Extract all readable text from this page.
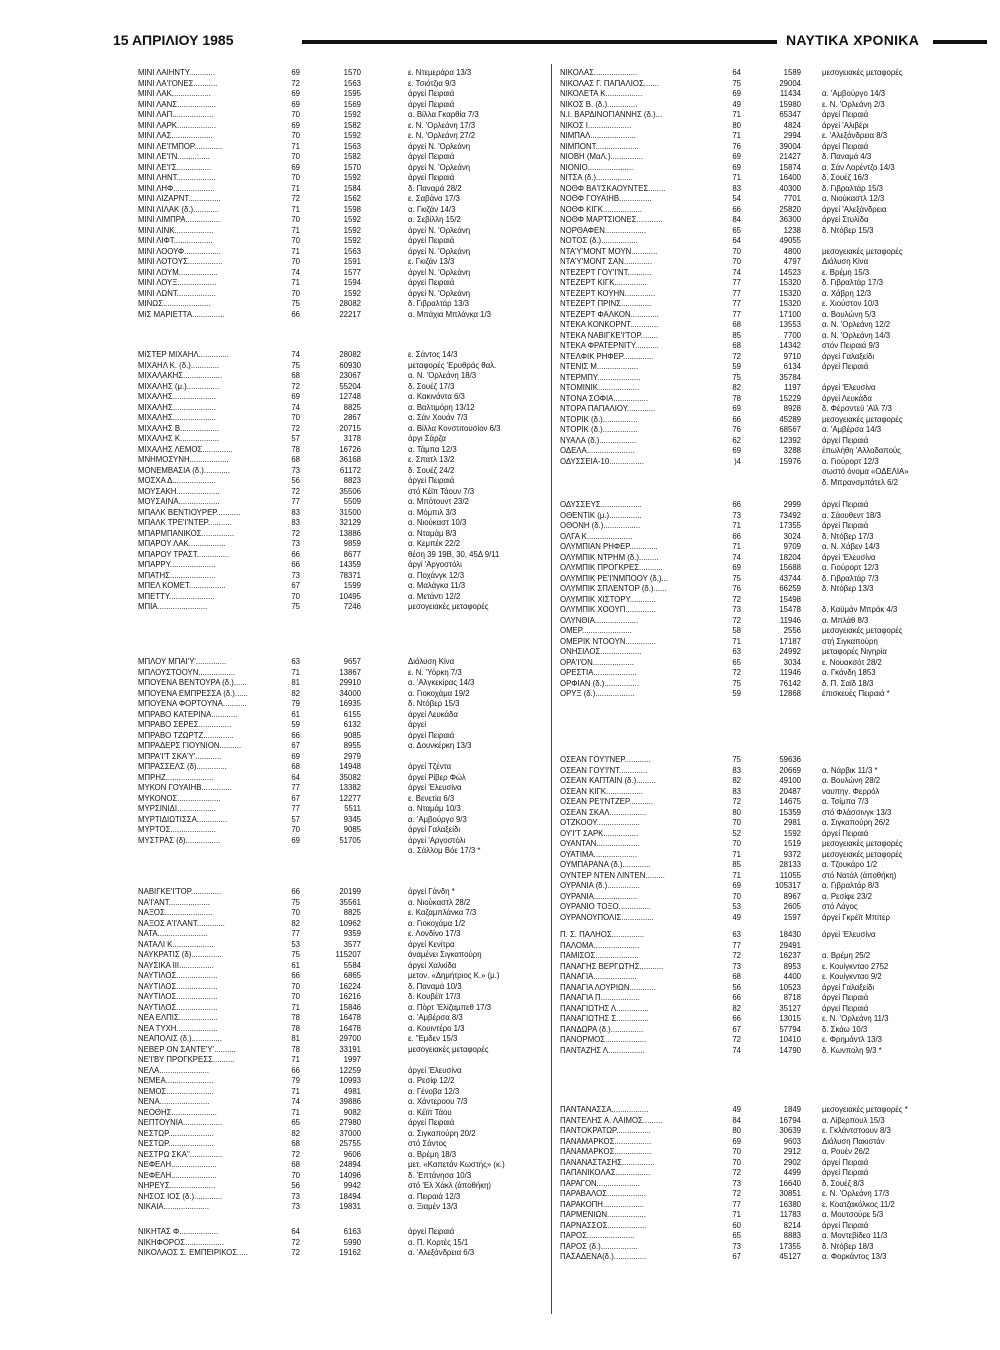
15 ΑΠΡΙΛΙΟΥ 1985	ΝΑΥΤΙΚΑ ΧΡΟΝΙΚΑ
ΜΙΝΙ ΛΑΙΗΝΤΥ............	69	1570	ε. Ντεμεράρα 13/3
ΜΙΝΙ ΛΑ'Ι'ΟΝΕΣ...........	72	1563	ε. Τσιότζια 9/3
ΜΙΝΙ ΛΑΚ..................	69	1595	άργεί Πειραιά
ΜΙΝΙ ΛΑΝΣ..................	69	1569	άργεί Πειραιά
ΜΙΝΙ ΛΑΠ...................	70	1592	α. Βίλλα Γκαρθία 7/3
ΜΙΝΙ ΛΑΡΚ..................	69	1582	ε. Ν. 'Ορλεάνη 17/3
ΜΙΝΙ ΛΑΣ...................	70	1592	ε. Ν. 'Ορλεάνη 27/2
ΜΙΝΙ ΛΕ'Ι'ΜΠΟΡ.............	71	1563	άργεί Ν. 'Ορλεάνη
ΜΙΝΙ ΛΕ'Ι'Ν.........:.....	70	1582	άργεί Πειραιά
ΜΙΝΙ ΛΕ'Ι'Σ................	69	1570	άργεί Ν. 'Ορλεάνη
ΜΙΝΙ ΛΗΝΤ..................	70	1592	άργεί Πειραιά
ΜΙΝΙ ΛΗΦ...................	71	1584	δ. Παναμά 28/2
ΜΙΝΙ ΛΙΖΑΡΝΤ...............	72	1562	ε. Σαβάνα 17/3
ΜΙΝΙ ΛΙΛΑΚ (δ.)............	71	1598	α. Γκιζάν 14/3
ΜΙΝΙ ΛΙΜΠΡΑ................	70	1592	α. Σεβίλλη 15/2
ΜΙΝΙ ΛΙΝΚ..................	71	1592	άργεί Ν. 'Ορλεάνη
ΜΙΝΙ ΛΙΦΤ..................	70	1592	άργεί Πειραιά
ΜΙΝΙ ΛΟΟΥΦ.................	71	1563	άργεί Ν. 'Ορλεάνη
ΜΙΝΙ ΛΟΤΟΥΣ................	70	1591	ε. Γκιζάν 13/3
ΜΙΝΙ ΛΟΥΜ..................	74	1577	άργεί Ν. 'Ορλεάνη
ΜΙΝΙ ΛΟΥΞ..................	71	1594	άργεί Πειραιά
ΜΙΝΙ ΛΩΝΤ..................	70	1592	άργεί Ν. 'Ορλεάνη
ΜΙΝΩΣ......................	75	28082	δ. Γιβραλτάρ 13/3
ΜΙΣ ΜΑΡΙΕΤΤΑ...............	66	22217	α. Μπάχια Μπλάνκα 1/3
ΜΙΣΤΕΡ ΜΙΧΑΗΛ..............	74	28082	ε. Σάντος 14/3
ΜΙΧΑΗΛ Κ. (δ.).............	75	60930	μεταφορές 'Ερυθράς θαλ.
ΜΙΧΑΛΑΚΗΣ..................	68	23067	α. Ν. 'Ορλεάνη 18/3
ΜΙΧΑΛΗΣ (μ.)...............	72	55204	δ. Σουέζ 17/3
ΜΙΧΑΛΗΣ....................	69	12748	α. Κακινάντα 6/3
ΜΙΧΑΛΗΣ....................	74	8825	α. Βαλτιμόρη 13/12
ΜΙΧΑΛΗΣ....................	70	2867	α. Σάν Χουάν 7/3
ΜΙΧΑΛΗΣ Β..................	72	20715	α. Βίλλα Κονστιτουσίον 6/3
ΜΙΧΑΛΗΣ Κ..................	57	3178	άργι Σάρζα
ΜΙΧΑΛΗΣ ΛΕΜΟΣ..............	78	16726	α. Τάμπα 12/3
ΜΝΗΜΟΣΥΝΗ..................	68	36168	ε. Σπατλ 13/2
ΜΟΝΕΜΒΑΣΙΑ (δ.)............	73	61172	δ. Σουέζ 24/2
ΜΟΣΧΑ Δ....................	56	8823	άργεί Πειραιά
ΜΟΥΣΑΚΗ....................	72	35506	στό Κέϊπ Τάουν 7/3
ΜΟΥΣΑΙΝΑ...................	77	5509	α. Μπότουντ 23/2
ΜΠΑΛΚ ΒΕΝΤΙΟΥΡΕΡ...........	83	31500	α. Μόμπιλ 3/3
ΜΠΑΛΚ ΤΡΕ'Ι'ΝΤΕΡ...........	83	32129	α. Νιούκαστ 10/3
ΜΠΑΡΜΠΑΝΙΚΟΣ...............	72	13886	α. Νταμάμ 8/3
ΜΠΑΡΟΥ ΛΑΚ.................	73	9859	α. Κεμπέκ 22/2
ΜΠΑΡΟΥ ΤΡΑΣΤ...............	66	8677	θέση 39 19Β, 30, 45Δ 9/11
ΜΠΑΡΡΥ.....................	66	14359	άργί 'Αργοστόλι
ΜΠΑΤΗΣ.....................	73	78371	α. Ποχάνγκ 12/3
ΜΠΕΛ ΚΟΜΕΤ.................	67	1599	α. Μαλάγκα 11/3
ΜΠΕΤΤΥ.....................	70	10495	α. Μετάντι 12/2
ΜΠΙΑ.......................	75	7246	μεσογειακές μεταφορές
ΜΠΛΟΥ ΜΠΑΙ'Υ'..............	63	9657	Διάλυση Κίνα
ΜΠΛΟΥΣΤΟΟΥΝ.................	71	13867	ε. Ν. 'Υόρκη 7/3
ΜΠΟΥΕΝΑ ΒΕΝΤΟΥΡΑ (δ.)......	81	29910	α. 'Αλγκεκίρας 14/3
ΜΠΟΥΕΝΑ ΕΜΠΡΕΣΣΑ (δ.)......	82	34000	α. Γιοκοχάμα 19/2
ΜΠΟΥΕΝΑ ΦΟΡΤΟΥΝΑ...........	79	16935	δ. Ντόβερ 15/3
ΜΠΡΑΒΟ ΚΑΤΕΡΙΝΑ............	61	6155	άργεί Λευκάδα
ΜΠΡΑΒΟ ΣΕΡΕΣ...............	59	6132	άργεί
ΜΠΡΑΒΟ ΤΖΩΡΤΖ..............	66	9085	άργεί Πειραιά
ΜΠΡΑΔΕΡΣ ΓΙΟΥΝΙΟΝ..........	67	8955	α. Δουνκέρκη 13/3
ΜΠΡΑ'Ι'Τ ΣΚΑ'Υ'............	69	2979
ΜΠΡΑΣΣΕΛΣ (δ)..............	68	14948	άργεί Τζέντα
ΜΠΡΗΖ......................	64	35082	άργεί Ρίβερ Φώλ
ΜΥΚΟΝ ΓΟΥΑΙΗΒ..............	77	13382	άργεί 'Ελευσίνα
ΜΥΚΟΝΟΣ....................	67	12277	ε. Βενετία 6/3
ΜΥΡΣΙΝΙΔΙ..................	77	5511	α. Νταμάμ 10/3
ΜΥΡΤΙΔΙΩΤΙΣΣΑ..............	57	9345	α. 'Αμβούργο 9/3
ΜΥΡΤΟΣ.....................	70	9085	άργεί Γαλαξείδι
ΜΥΣΤΡΑΣ (δ)................	69	51705	άργεί 'Αργοστόλι
α. Σάλλομ Βόε 17/3 *
ΝΑΒΙΓΚΕ'Ι'ΤΟΡ..............	66	20199	άργεί Γάνδη *
ΝΑ'Ι'ΑΝΤ...................	75	35561	α. Νιούκαστλ 28/2
ΝΑΞΟΣ......................	70	8825	ε. Καζαμπλάνκα 7/3
ΝΑΞΟΣ Α'Ι'ΛΑΝΤ.............	82	10962	α. Γιοκοχάμα 1/2
ΝΑΤΑ.......................	77	9359	ε. Λονδίνο 17/3
ΝΑΤΑΛΙ Κ...................	53	3577	άργεί Κενίτρα
ΝΑΥΚΡΑΤΙΣ (δ)..............	75	115207	άναμένει Σιγκαπούρη
ΝΑΥΣΙΚΑ ΙΙΙ................	61	5584	άργεί Χαλκίδα
ΝΑΥΤΙΛΟΣ...................	66	6865	μετον. «Δημήτριος Κ.» (μ.)
ΝΑΥΤΙΛΟΣ...................	70	16224	δ. Παναμά 10/3
ΝΑΥΤΙΛΟΣ...................	70	16216	δ. Κουβέϊτ 17/3
ΝΑΥΤΙΛΟΣ...................	71	15846	α. Πόρτ 'Ελίζαμπεθ 17/3
ΝΕΑ ΕΛΠΙΣ..................	78	16478	α. 'Αμβέρσα 8/3
ΝΕΑ ΤΥΧΗ...................	78	16478	α. Κουιντέρο 1/3
ΝΕΑΠΟΛΙΣ (δ.)..............	81	29700	ε. "Εμδεν 15/3
ΝΕΒΕΡ ΟΝ ΣΑΝΤΕ'Υ'..........	78	33191	μεσογειακές μεταφορές
ΝΕ'Ι'ΒΥ ΠΡΟΓΚΡΕΣΣ..........	71	1997
ΝΕΛΑ.......................	66	12259	άργεί 'Ελευσίνα
ΝΕΜΕΑ......................	79	10993	α. Ρεσίφ 12/2
ΝΕΜΟΣ......................	71	4981	α. Γένοβα 12/3
ΝΕΝΑ.......................	74	39886	α. Χάντεροου 7/3
ΝΕΟΘΗΣ.....................	71	9082	α. Κέϊπ Τάου
ΝΕΠΤΟΥΝΙΑ..................	65	27980	άργεί Πειραιά
ΝΕΣΤΩΡ.....................	82	37000	α. Σιγκαπούρη 20/2
ΝΕΣΤΩΡ.....................	68	25755	στό Σάντος
ΝΕΣΤΡΩ ΣΚΑ''...............	72	9606	α. Βρέμη 18/3
ΝΕΦΕΛΗ.....................	68	24894	μετ. «Καπετάν Κωστής» (κ.)
ΝΕΦΕΛΗ.....................	70	14096	δ. 'Επτάνησα 10/3
ΝΗΡΕΥΣ.....................	56	9942	στό 'Ελ Χάκλ (άποθήκη)
ΝΗΣΟΣ ΙΟΣ (δ.).............	73	18494	α. Πειραιά 12/3
ΝΙΚΑΙΑ.....................	73	19831	α. Ξιαμέν 13/3
ΝΙΚΗΤΑΣ Φ..................	64	6163	άργεί Πειραιά
ΝΙΚΗΦΟΡΟΣ..................	72	5990	α. Π. Κορτές 15/1
ΝΙΚΟΛΑΟΣ Σ. ΕΜΠΕΙΡΙΚΟΣ.....	72	19162	α. 'Αλεξάνδρεια 6/3
ΝΙΚΟΛΑΣ....................	64	1589	μεσογειακές μεταφορές
ΝΙΚΟΛΑΣ Γ. ΠΑΠΑΛΙΟΣ.......	75	29004
ΝΙΚΟΛΕΤΑ Κ.................	69	11434	α. 'Αμβούργο 14/3
ΝΙΚΟΣ Β. (δ.)..............	49	15980	ε. Ν. 'Ορλεάνη 2/3
Ν.Ι. ΒΑΡΔΙΝΟΓΙΑΝΝΗΣ (δ.)...	71	65347	άργεί Πειραιά
ΝΙΚΟΣ Ι....................	80	4824	άργεί 'Αλιβέρι
ΝΙΜΠΑΛ.....................	71	2994	ε. 'Αλεξάνδρεια 8/3
ΝΙΜΠΟΝΤ....................	76	39004	άργεί Πειραιά
ΝΙΟΒΗ (ΜαΛ.)...............	69	21427	δ. Παναμά 4/3
ΝΙΟΝΙΟ.....................	69	15874	α. Σάν Λορέντζο 14/3
ΝΙΤΣΑ (δ.).................	71	16400	δ. Σουέζ 16/3
ΝΟΘΦ ΒΑ'Ι'ΣΚΑΟΥΝΤΕΣ........	83	40300	δ. Γιβραλτάρ 15/3
ΝΟΘΦ ΓΟΥΑΙΗΒ...............	54	7701	α. Νιούκαστλ 12/3
ΝΟΘΦ ΚΙΓΚ..................	66	25820	άργεί 'Αλεξάνδρεια
ΝΟΘΦ ΜΑΡΤΣΙΟΝΕΣ............	84	36300	άργεί Στυλίδα
ΝΟΡΘΑΦΕΝ...................	65	1238	δ. Ντόβερ 15/3
ΝΟΤΟΣ (δ.).................	64	49055
ΝΤΑ'Υ'ΜΟΝΤ ΜΟΥΝ............	70	4800	μεσογειακές μεταφορές
ΝΤΑ'Υ'ΜΟΝΤ ΣΑΝ.............	70	4797	Διάλυση Κίνα
ΝΤΕΖΕΡΤ ΓΟΥ'Ι'ΝΤ...........	74	14523	ε. Βρέμη 15/3
ΝΤΕΖΕΡΤ ΚΙΓΚ...............	77	15320	δ. Γιβραλτάρ 17/3
ΝΤΕΖΕΡΤ ΚΟΥΗΝ..............	77	15320	α. Χάβρη 12/3
ΝΤΕΖΕΡΤ ΠΡΙΝΣ..............	77	15320	ε. Χιούστον 10/3
ΝΤΕΖΕΡΤ ΦΑΛΚΟΝ.............	77	17100	α. Βουλώνη 5/3
ΝΤΕΚΑ ΚΟΝΚΟΡΝΤ.............	68	13553	α. Ν. 'Ορλεάνη 12/2
ΝΤΕΚΑ ΝΑΒΙΓΚΕ'Ι'ΤΟΡ........	85	7700	α. Ν. 'Ορλεάνη 14/3
ΝΤΕΚΑ ΦΡΑΤΕΡΝΙΤΥ...........	68	14342	στόν Πειραιά 9/3
ΝΤΕΛΦΙΚ ΡΗΦΕΡ..............	72	9710	άργεί Γαλαξείδι
ΝΤΕΝΙΣ Μ...................	59	6134	άργεί Πειραιά
ΝΤΕΡΜΠΥ....................	75	35784
ΝΤΟΜΙΝΙΚ...................	82	1197	άργεί 'Ελευσίνα
ΝΤΟΝΑ ΣΟΦΙΑ................	78	15229	άργεί Λευκάδα
ΝΤΟΡΑ ΠΑΠΑΛΙΟΥ.............	69	8928	δ. Φέρσντεϋ 'Αϊλ 7/3
ΝΤΟΡΙΚ (δ.)................	66	45289	μεσογειακές μεταφορές
ΝΤΟΡΙΚ (δ.)................	76	68567	α. 'Αμβέρσα 14/3
ΝΥΑΛΑ (δ.).................	62	12392	άργεί Πειραιά
ΟΔΕΛΑ......................	69	3288	έπωλήθη 'Αλλοδαπούς
ΟΔΥΣΣΕΙΑ-10................	)4	15976	α. Γιούρορτ 12/3
σωστό όνομα «ΟΔΕΛΙΑ»
δ. Μπρανσμπάτελ 6/2
ΟΔΥΣΣΕΥΣ...................	66	2999	άργεί Πειραιά
ΟΘΕΝΤΙΚ (μ.)...............	73	73492	α. Σάουθεντ 18/3
ΟΘΟΝΗ (δ.).................	71	17355	άργεί Πειραιά
ΟΛΓΑ Κ.....................	66	3024	δ. Ντόβερ 17/3
ΟΛΥΜΠΙΑΝ ΡΗΦΕΡ.............	71	9709	α. Ν. Χάβεν 14/3
ΟΛΥΜΠΙΚ ΝΤΡΗΜ (δ.).........	74	18204	άργεί 'Ελευσίνα
ΟΛΥΜΠΙΚ ΠΡΟΓΚΡΕΣ...........	69	15688	α. Γιούρορτ 12/3
ΟΛΥΜΠΙΚ ΡΕ'Ι'ΝΜΠΟΟΥ (δ.)...	75	43744	δ. Γιβραλτάρ 7/3
ΟΛΥΜΠΙΚ ΣΠΛΕΝΤΟΡ (δ.)......	76	66259	δ. Ντόβερ 13/3
ΟΛΥΜΠΙΚ ΧΙΣΤΟΡΥ............	72	15498
ΟΛΥΜΠΙΚ ΧΟΟΥΠ..............	73	15478	δ. Καϋμάν Μπράκ 4/3
ΟΛΥΝΘΙΑ....................	72	11946	α. Μπλάθ 8/3
ΟΜΕΡ.......................	58	2556	μεσογειακές μεταφορές
ΟΜΕΡΙΚ ΝΤΟΟΥΝ..............	71	17187	στή Σιγκαπούρη
ΟΝΗΣΙΛΟΣ...................	63	24992	μεταφορές Νιγηρία
ΟΡΑ'Ι'ΟΝ...................	65	3034	ε. Νουακσότ 28/2
ΟΡΕΣΤΙΑ....................	72	11946	α. Γκάνδη 1853
ΟΡΦΙΑΝ (δ.)................	75	76142	δ. Π. Σαϊδ 18/3
ΟΡΥΞ (δ.)..................	59	12868	έπισκευές Πειραιά *
ΟΣΕΑΝ ΓΟΥ'Ι'ΝΕΡ............	75	59636
ΟΣΕΑΝ ΓΟΥ'Ι'ΝΤ.............	83	20669	α. Νάρβικ 11/3 *
ΟΣΕΑΝ ΚΑΠΤΑΙΝ (δ.).........	82	49100	α. Βουλώνη 28/2
ΟΣΕΑΝ ΚΙΓΚ.................	83	20487	ναυπηγ. Φερρόλ
ΟΣΕΑΝ ΡΕ'Ι'ΝΤΖΕΡ...........	72	14675	α. Τσίμπα 7/3
ΟΣΕΑΝ ΣΚΑΛ.................	80	15359	στό Φλάσσινγκ 13/3
ΟΤΖΚΟΟΥ....................	70	2981	α. Σιγκαπούρη 26/2
ΟΥ'Ι'Τ ΣΑΡΚ................	52	1592	άργεί Πειραιά
ΟΥΑΝΤΑΝ....................	70	1519	μεσογειακές μεταφορές
ΟΥΑΤΙΜΑ....................	71	9372	μεσογειακές μεταφορές
ΟΥΜΠΑΡΑΝΑ (δ.).............	85	28133	α. Τζουκάρο 1/2
ΟΥΝΤΕΡ ΝΤΕΝ ΛΙΝΤΕΝ.........	71	11055	στό Νατάλ (άποθήκη)
ΟΥΡΑΝΙΑ (δ.)...............	69	105317	α. Γιβραλτάρ 8/3
ΟΥΡΑΝΙΑ....................	70	8967	α. Ρεσίφε 23/2
ΟΥΡΑΝΙΟ ΤΟΞΟ...............	53	2605	στό Λάγος
ΟΥΡΑΝΟΥΠΟΛΙΣ...............	49	1597	άργεί Γκρέϊτ Μπίτερ
Π. Σ. ΠΑΛΗΟΣ...............	63	18430	άργεί 'Ελευσίνα
ΠΑΛΟΜΑ.....................	77	29491
ΠΑΜΙΣΟΣ....................	72	16237	α. Βρέμη 25/2
ΠΑΝΑΓΗΣ ΒΕΡΓΩΤΗΣ...........	73	8953	ε. Κουίγκνταο 2752
ΠΑΝΑΓΙΑ....................	68	4400	ε. Κουίγκνταο 9/2
ΠΑΝΑΓΙΑ ΛΟΥΡΙΩΝ............	56	10523	άργεί Γαλαξείδι
ΠΑΝΑΓΙΑ Π..................	66	8718	άργεί Πειραιά
ΠΑΝΑΓΙΩΤΗΣ Λ...............	82	35127	άργεί Πειραιά
ΠΑΝΑΓΙΩΤΗΣ Σ...............	66	13015	ε. Ν. 'Ορλεάνη 11/3
ΠΑΝΔΩΡΑ (δ.)...............	67	57794	δ. Σκάω 10/3
ΠΑΝΟΡΜΟΣ...................	72	10410	ε. Φρημάντλ 13/3
ΠΑΝΤΑΖΗΣ Λ.................	74	14790	δ. Κωνπολη 9/3 *
ΠΑΝΤΑΝΑΣΣΑ.................	49	1849	μεσογειακές μεταφορές *
ΠΑΝΤΕΛΗΣ Α. ΛΑΙΜΟΣ.........	84	16794	α. Λίβερπουλ 15/3
ΠΑΝΤΟΚΡΑΤΩΡ................	80	30639	ε. Γκλάντστοουν 8/3
ΠΑΝΑΜΑΡΚΟΣ.................	69	9603	Διάλυση Πακιστάν
ΠΑΝΑΜΑΡΚΟΣ.................	70	2912	α. Ρουέν 26/2
ΠΑΝΑΝΑΣΤΑΣΗΣ...............	70	2902	άργεί Πειραιά
ΠΑΠΑΝΙΚΟΛΑΣ................	72	4499	άργεί Πειραιά
ΠΑΡΑΓΟΝ....................	73	16640	δ. Σουέζ 8/3
ΠΑΡΑΒΑΛΟΣ..................	72	30851	ε. Ν. 'Ορλεάνη 17/3
ΠΑΡΑΚΟΠΗ...................	77	16380	ε. Κοατζακόλκος 11/2
ΠΑΡΜΕΝΙΩΝ..................	71	11783	α. Μουτσούρε 5/3
ΠΑΡΝΑΣΣΟΣ..................	60	8214	άργεί Πειραιά
ΠΑΡΟΣ......................	65	8883	α. Μοντεβίδεο 11/3
ΠΑΡΟΣ (δ.).................	73	17355	δ. Ντόβερ 18/3
ΠΑΣΑΔΕΝΑ(δ.)...............	67	45127	α. Φορκάντος 13/3
